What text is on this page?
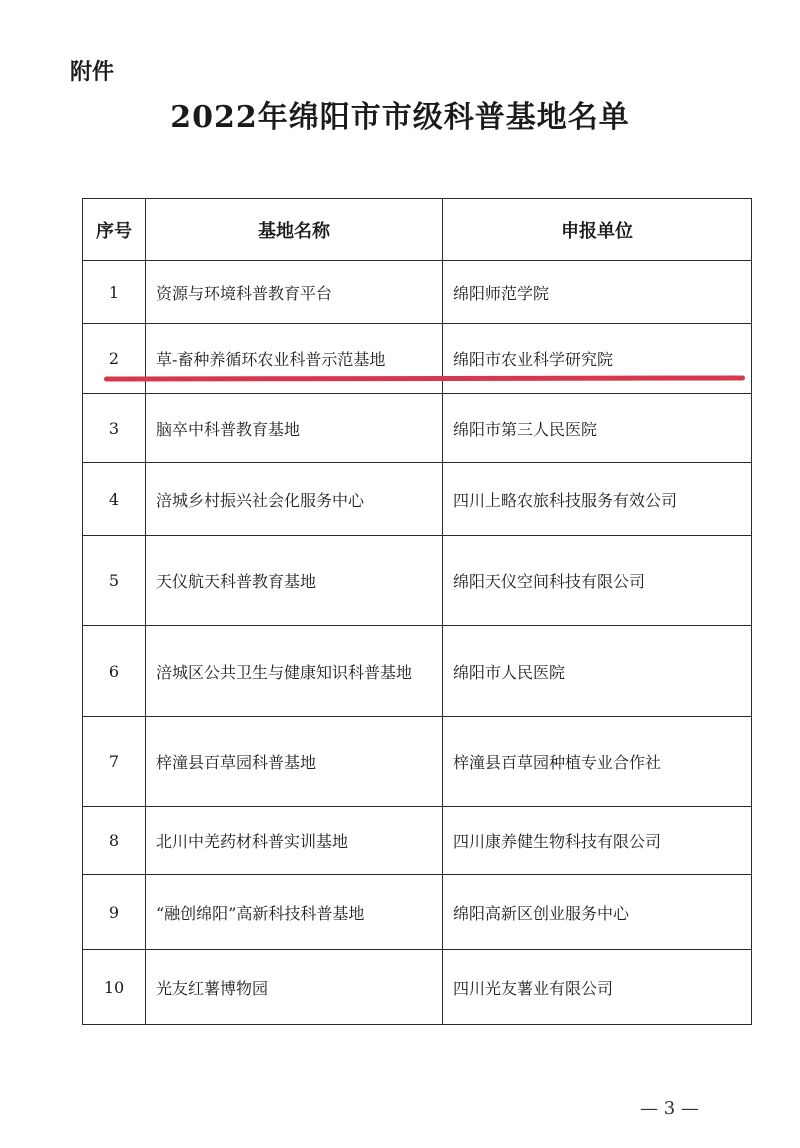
附件
2022年绵阳市市级科普基地名单
序号	基地名称	申报单位
1	资源与环境科普教育平台	绵阳师范学院
2	草-畜种养循环农业科普示范基地	绵阳市农业科学研究院
3	脑卒中科普教育基地	绵阳市第三人民医院
4	涪城乡村振兴社会化服务中心	四川上略农旅科技服务有效公司
5	天仪航天科普教育基地	绵阳天仪空间科技有限公司
6	涪城区公共卫生与健康知识科普基地	绵阳市人民医院
7	梓潼县百草园科普基地	梓潼县百草园种植专业合作社
8	北川中羌药材科普实训基地	四川康养健生物科技有限公司
9	“融创绵阳”高新科技科普基地	绵阳高新区创业服务中心
10	光友红薯博物园	四川光友薯业有限公司
— 3 —
